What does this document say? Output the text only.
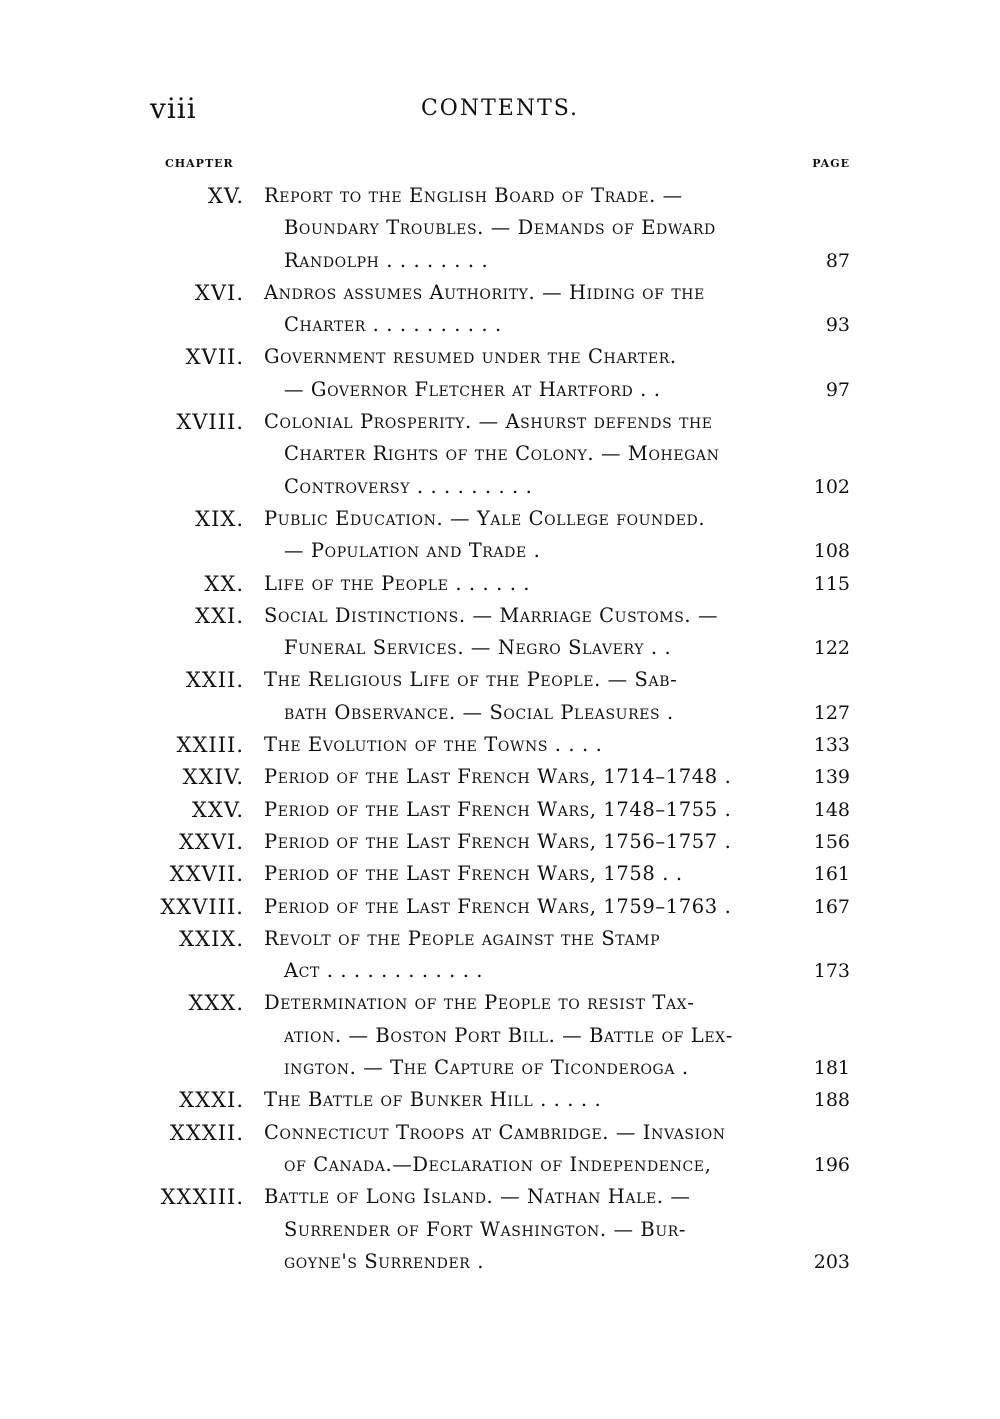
viii	CONTENTS.
CHAPTER	PAGE
XV. Report to the English Board of Trade. —
Boundary Troubles. — Demands of Edward
Randolph . . . . . . . .	87
XVI. Andros assumes Authority. — Hiding of the
Charter . . . . . . . . . .	93
XVII. Government resumed under the Charter.
— Governor Fletcher at Hartford . .	97
XVIII. Colonial Prosperity. — Ashurst defends the
Charter Rights of the Colony. — Mohegan
Controversy . . . . . . . . .	102
XIX. Public Education. — Yale College founded.
— Population and Trade .	108
XX. Life of the People . . . . . .	115
XXI. Social Distinctions. — Marriage Customs. —
Funeral Services. — Negro Slavery . .	122
XXII. The Religious Life of the People. — Sab-
bath Observance. — Social Pleasures .	127
XXIII. The Evolution of the Towns . . . .	133
XXIV. Period of the Last French Wars, 1714–1748 .	139
XXV. Period of the Last French Wars, 1748–1755 .	148
XXVI. Period of the Last French Wars, 1756–1757 .	156
XXVII. Period of the Last French Wars, 1758 . .	161
XXVIII. Period of the Last French Wars, 1759–1763 .	167
XXIX. Revolt of the People against the Stamp
Act . . . . . . . . . . . .	173
XXX. Determination of the People to resist Tax-
ation. — Boston Port Bill. — Battle of Lex-
ington. — The Capture of Ticonderoga .	181
XXXI. The Battle of Bunker Hill . . . . .	188
XXXII. Connecticut Troops at Cambridge. — Invasion
of Canada.—Declaration of Independence,	196
XXXIII. Battle of Long Island. — Nathan Hale. —
Surrender of Fort Washington. — Bur-
goyne's Surrender .	203
